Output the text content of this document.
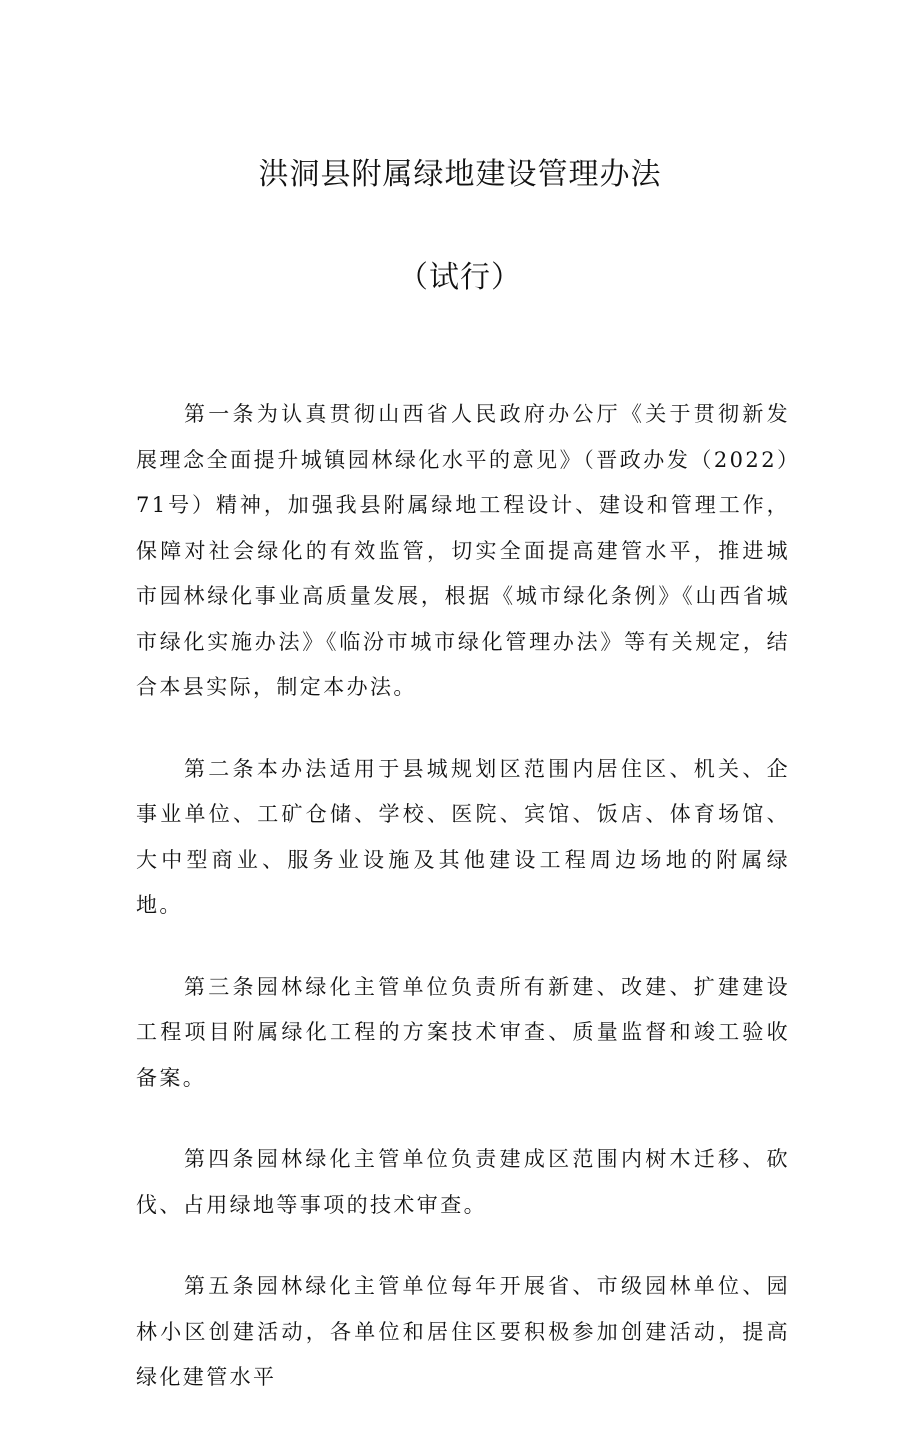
洪洞县附属绿地建设管理办法
（试行）

第一条为认真贯彻山西省人民政府办公厅《关于贯彻新发展理念全面提升城镇园林绿化水平的意见》（晋政办发（2022）71号）精神，加强我县附属绿地工程设计、建设和管理工作，保障对社会绿化的有效监管，切实全面提高建管水平，推进城市园林绿化事业高质量发展，根据《城市绿化条例》《山西省城市绿化实施办法》《临汾市城市绿化管理办法》等有关规定，结合本县实际，制定本办法。

第二条本办法适用于县城规划区范围内居住区、机关、企事业单位、工矿仓储、学校、医院、宾馆、饭店、体育场馆、大中型商业、服务业设施及其他建设工程周边场地的附属绿地。

第三条园林绿化主管单位负责所有新建、改建、扩建建设工程项目附属绿化工程的方案技术审查、质量监督和竣工验收备案。

第四条园林绿化主管单位负责建成区范围内树木迁移、砍伐、占用绿地等事项的技术审查。

第五条园林绿化主管单位每年开展省、市级园林单位、园林小区创建活动，各单位和居住区要积极参加创建活动，提高绿化建管水平
